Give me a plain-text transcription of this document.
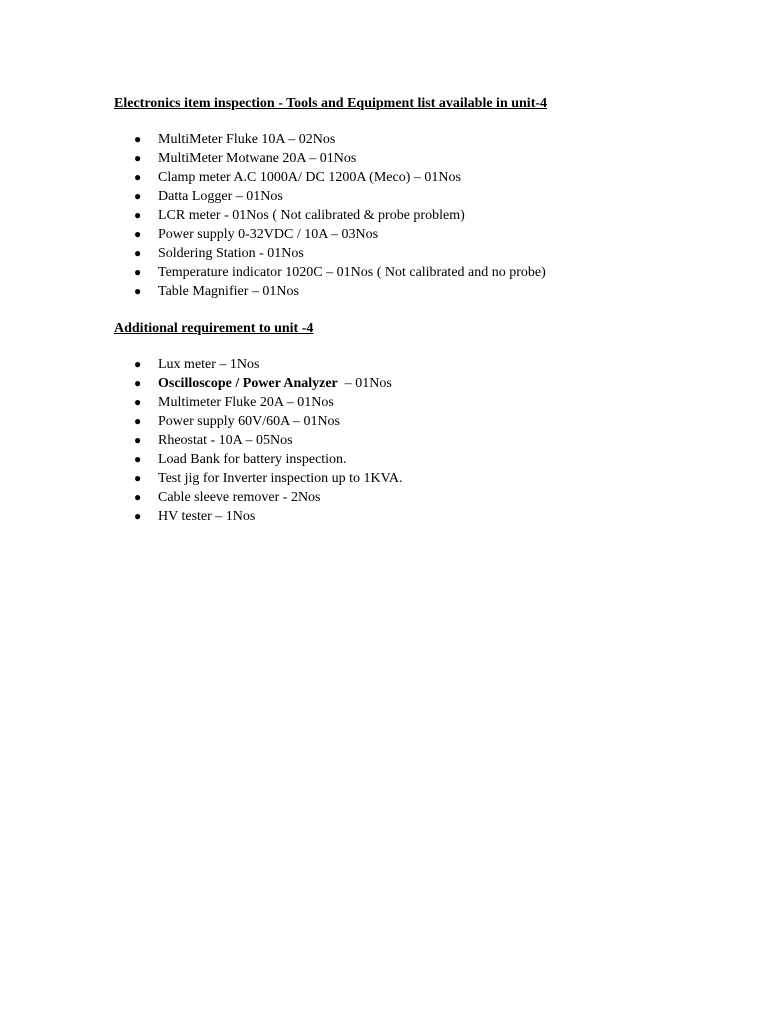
Electronics item inspection - Tools and Equipment list available in unit-4
● MultiMeter Fluke 10A – 02Nos
● MultiMeter Motwane 20A – 01Nos
● Clamp meter A.C 1000A/ DC 1200A (Meco) – 01Nos
● Datta Logger – 01Nos
● LCR meter - 01Nos ( Not calibrated & probe problem)
● Power supply 0-32VDC / 10A – 03Nos
● Soldering Station - 01Nos
● Temperature indicator 1020C – 01Nos ( Not calibrated and no probe)
● Table Magnifier – 01Nos
Additional requirement to unit -4
● Lux meter – 1Nos
● Oscilloscope / Power Analyzer  – 01Nos
● Multimeter Fluke 20A – 01Nos
● Power supply 60V/60A – 01Nos
● Rheostat - 10A – 05Nos
● Load Bank for battery inspection.
● Test jig for Inverter inspection up to 1KVA.
● Cable sleeve remover - 2Nos
● HV tester – 1Nos
